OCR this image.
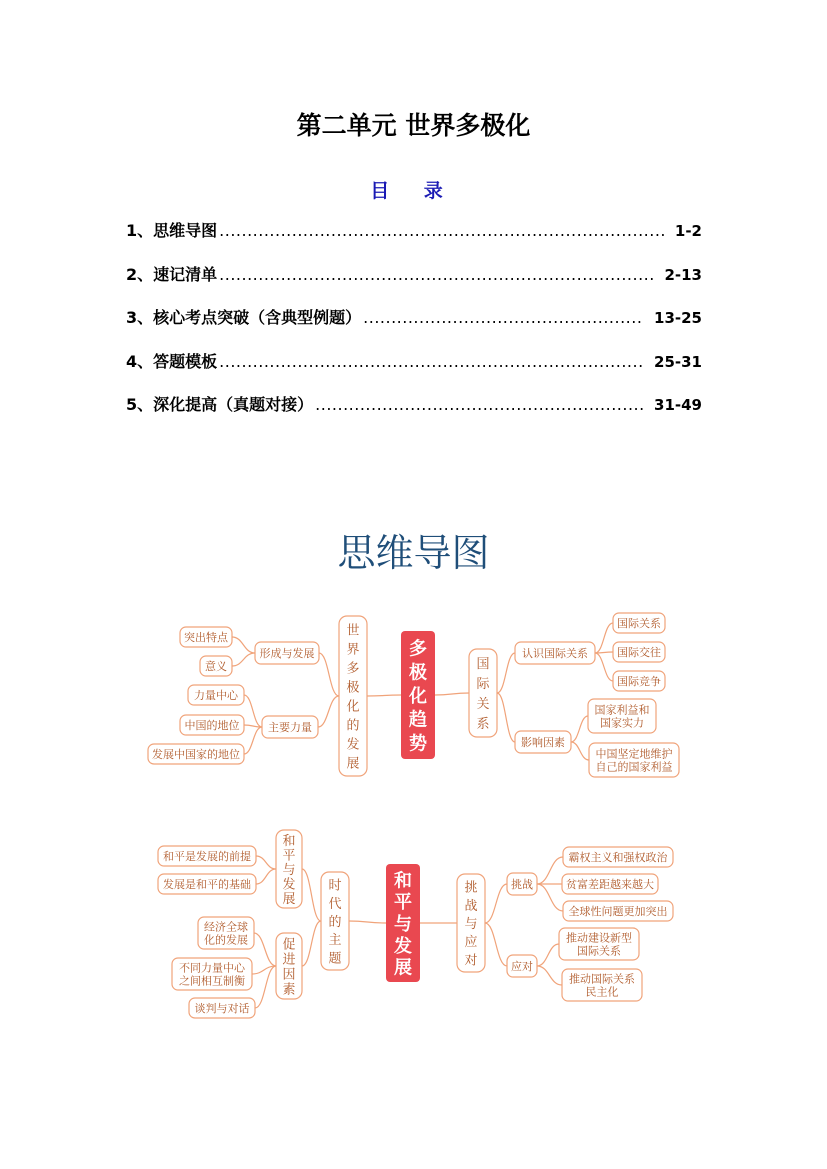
第二单元 世界多极化
目 录
1、思维导图 .....	1-2
2、速记清单 .....	2-13
3、核心考点突破（含典型例题） .....	13-25
4、答题模板 .....	25-31
5、深化提高（真题对接） .....	31-49
思维导图
多
极
化
趋
势
世
界
多
极
化
的
发
展
国
际
关
系
形成与发展
突出特点
意义
主要力量
力量中心
中国的地位
发展中国家的地位
认识国际关系
国际关系
国际交往
国际竞争
影响因素
国家利益和
国家实力
中国坚定地维护
自己的国家利益
和
平
与
发
展
时
代
的
主
题
挑
战
与
应
对
和
平
与
发
展
和平是发展的前提
发展是和平的基础
促
进
因
素
经济全球
化的发展
不同力量中心
之间相互制衡
谈判与对话
挑战
霸权主义和强权政治
贫富差距越来越大
全球性问题更加突出
应对
推动建设新型
国际关系
推动国际关系
民主化
